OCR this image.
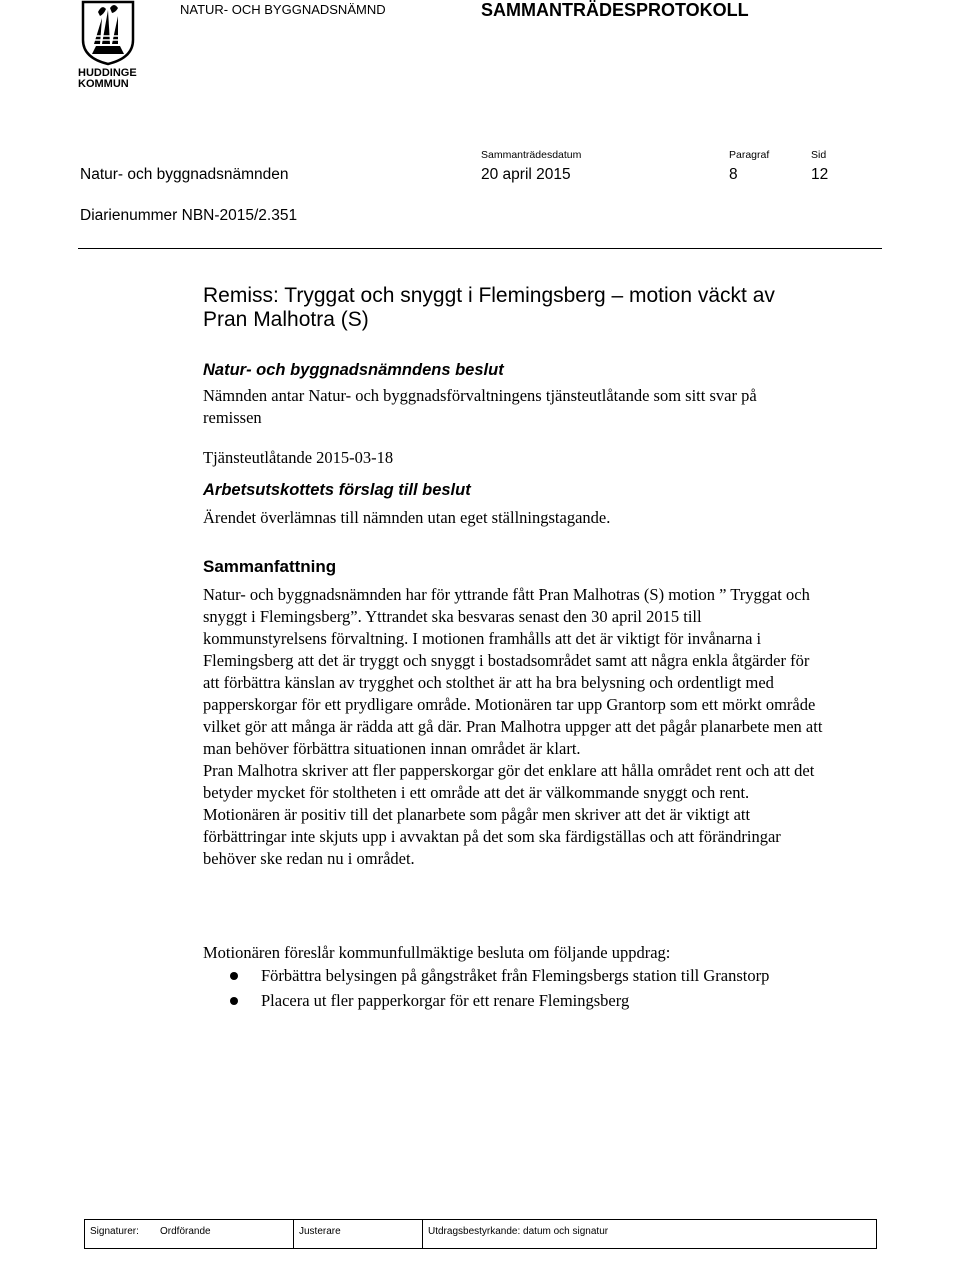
HUDDINGE
KOMMUN
NATUR- OCH BYGGNADSNÄMND	SAMMANTRÄDESPROTOKOLL
Sammanträdesdatum	Paragraf	Sid
Natur- och byggnadsnämnden	20 april 2015	8	12
Diarienummer NBN-2015/2.351
Remiss: Tryggat och snyggt i Flemingsberg – motion väckt av Pran Malhotra (S)
Natur- och byggnadsnämndens beslut
Nämnden antar Natur- och byggnadsförvaltningens tjänsteutlåtande som sitt svar på remissen
Tjänsteutlåtande 2015-03-18
Arbetsutskottets förslag till beslut
Ärendet överlämnas till nämnden utan eget ställningstagande.
Sammanfattning

Natur- och byggnadsnämnden har för yttrande fått Pran Malhotras (S) motion ” Tryggat och snyggt i Flemingsberg”. Yttrandet ska besvaras senast den 30 april 2015 till kommunstyrelsens förvaltning. I motionen framhålls att det är viktigt för invånarna i Flemingsberg att det är tryggt och snyggt i bostadsområdet samt att några enkla åtgärder för att förbättra känslan av trygghet och stolthet är att ha bra belysning och ordentligt med papperskorgar för ett prydligare område. Motionären tar upp Grantorp som ett mörkt område vilket gör att många är rädda att gå där. Pran Malhotra uppger att det pågår planarbete men att man behöver förbättra situationen innan området är klart.

Pran Malhotra skriver att fler papperskorgar gör det enklare att hålla området rent och att det betyder mycket för stoltheten i ett område att det är välkommande snyggt och rent.

Motionären är positiv till det planarbete som pågår men skriver att det är viktigt att förbättringar inte skjuts upp i avvaktan på det som ska färdigställas och att förändringar behöver ske redan nu i området.

Motionären föreslår kommunfullmäktige besluta om följande uppdrag:
Förbättra belysingen på gångstråket från Flemingsbergs station till Granstorp
Placera ut fler papperkorgar för ett renare Flemingsberg
Signaturer:	Ordförande	Justerare	Utdragsbestyrkande: datum och signatur
